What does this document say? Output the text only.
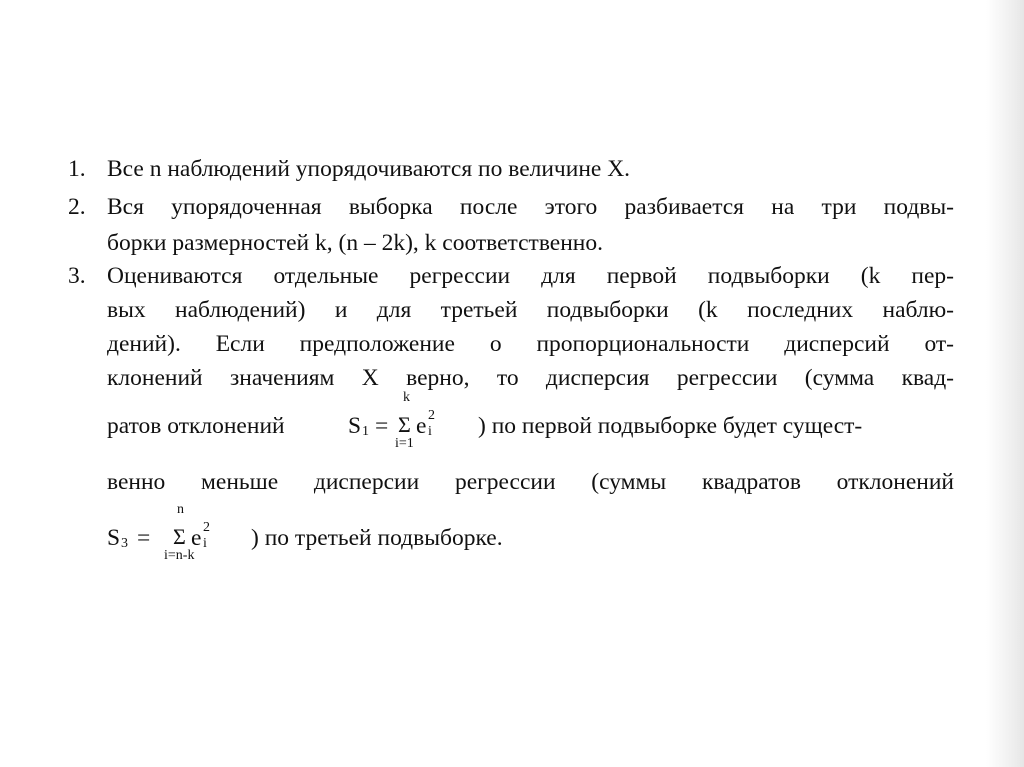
1. Все n наблюдений упорядочиваются по величине X.
2. Вся упорядоченная выборка после этого разбивается на три подвы-
борки размерностей k, (n – 2k), k соответственно.
3. Оцениваются отдельные регрессии для первой подвыборки (k пер-
вых наблюдений) и для третьей подвыборки (k последних наблю-
дений). Если предположение о пропорциональности дисперсий от-
клонений значениям X верно, то дисперсия регрессии (сумма квад-
ратов отклонений	S 1 =
k
Σ
i=1
e 2
i ) по первой подвыборке будет сущест-
венно меньше дисперсии регрессии (суммы квадратов отклонений
S 3 =
n
Σ
i=n-k
e 2
i ) по третьей подвыборке.
